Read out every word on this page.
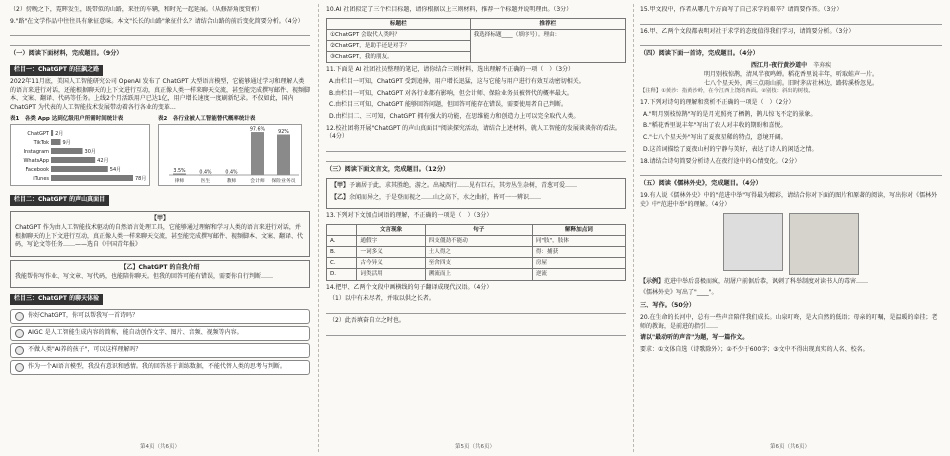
（2）傍晚之下，霓晖发生，既带似的山路，来往的车辆，和时光一起延展。（从修辞角度赏析）

9."路"在文学作品中往往具有象征意味。本文"长长的山路"象征什么？请结合山路的前后变化简要分析。（4分）

（一）阅读下面材料，完成题目。（9分）

栏目一：ChatGPT 的狂飙之路

2022年11月底，美国人工智能研究公司 OpenAI 发布了 ChatGPT 大型语言模型，它能够通过学习和理解人类的语言来进行对话，还能根据聊天的上下文进行互动，真正像人类一样来聊天交流，甚至能完成撰写邮件、视频脚本、文案、翻译、代码等任务。上线2个月活跃用户已达1亿，用户增长速度一度刷新纪录。不仅如此，国内 ChatGPT 为代表的人工智能技术发展带动着各行各业的变革…

表1　各类 App 达到亿级用户所需时间统计表
ChatGPT 2月
TikTok	9月
Instagram	30月
WhatsApp	42月
Facebook	54月
iTunes	78月
表2　各行业被人工智能替代概率统计表
3.5%
律师
0.4%
医生
0.4%
教师
97.6%
会计师
92%
保险业务员
栏目二：ChatGPT 的声山真面目
【甲】

ChatGPT 作为由人工智能技术驱动的自然语言处理工具，它能够通过理解和学习人类的语言来进行对话，并根据聊天的上下文进行互动，真正像人类一样来聊天交流，甚至能完成撰写邮件、视频脚本、文案、翻译、代码，写论文等任务……——选自《中国青年报》

【乙】ChatGPT 的自我介绍

我能帮你写作业、写文章、写代码，也能陪你聊天。但我的回答可能有错误，需要你自行判断……

栏目三：ChatGPT 的聊天体验
你好ChatGPT，你可以帮我写一首诗吗？
AIGC 是人工智能生成内容的简称，能自动创作文字、图片、音频、视频等内容。
不做人类"AI养的孩子"，可以这样理解吗？
作为一个AI语言模型，我没有意识和感情。我的回答基于训练数据，不能代替人类的思考与判断。
第4页（共6页）

10.AI 社团拟定了三个栏目标题，请你根据以上三则材料，推荐一个标题并说明理由。（3分）

标题栏	推荐栏
①ChatGPT 会取代人类吗？	我选择标题____（填序号）。理由：
②ChatGPT，是助手还是对手？	
③ChatGPT，我的朋友。	

11.下面是 AI 社团社员整理的笔记，请你结合三则材料，选出理解不正确的一项（　）（3分）

A.由栏目一可知，ChatGPT 受到追捧，用户增长迅猛，这与它能与用户进行有效互动密切相关。

B.由栏目一可知，ChatGPT 对各行业都有影响，但会计师、保险业务员被替代的概率最大。

C.由栏目三可知，ChatGPT 能够回答问题，但回答可能存在错误，需要使用者自己判断。

D.由栏目二、三可知，ChatGPT 拥有强大的功能，在思维能力和创造力上可以完全取代人类。

12.校社团将开展"ChatGPT 的声山真面目"阅读探究活动，请结合上述材料，就人工智能的发展谈谈你的看法。（4分）

（三）阅读下面文言文，完成题目。（12分）

【甲】予谪居于此，求其胜绝，游之。出城西行……见有巨石，其旁丛生杂树，青葱可爱……

【乙】余闻而异之，于是登而视之……山之高下，水之曲折，皆可一一辨识……

13.下列对下文加点词语的理解，不正确的一项是（　）（3分）

	文言现象	句子	解释加点词
A.	通假字	四支僵劲不能动	同"肢"，肢体
B.	一词多义	土人得之	得：捕获
C.	古今异义	至舍四支	房屋
D.	词类活用	溯流而上	逆流

14.把甲、乙两个文段中画横线的句子翻译成现代汉语。（4分）

（1）以中有未尽者，并取以供之长者。

（2）此吾填奋自立之时也。

第5页（共6页）

15.甲文段中，作者从哪几个方面写了自己求学的艰辛？请简要作答。（3分）

16.甲、乙两个文段都表明对社于求学的态度值得我们学习，请简要分析。（3分）

（四）阅读下面一首诗，完成题目。（4分）

西江月·夜行黄沙道中　 辛弃疾
明月别枝惊鹊，清风半夜鸣蝉。稻花香里说丰年，听取蛙声一片。
七八个星天外，两三点雨山前。旧时茅店社林边，路转溪桥忽见。

【注释】①黄沙：指黄沙岭，在今江西上饶的西面。②别枝：斜出的树枝。

17.下列对诗句的理解和赏析不正确的一项是（　）（2分）

A."明月别枝惊鹊"写的是月光照亮了栖鹊，鹊儿惊飞不定的景象。

B."稻花香里说丰年"写出了农人对丰收的期盼和喜悦。

C."七八个星天外"写出了夏夜星稀的特点，意境开阔。

D.这首词描绘了夏夜山村的宁静与美好，表达了诗人的闲适之情。

18.请结合诗句简要分析诗人在夜行途中的心情变化。（2分）

（五）阅读《儒林外史》，完成题目。（4分）

19.有人说《儒林外史》中的"范进中举"写得最为精彩，请结合你对下面的图片和原著的阅读，写出你对《儒林外史》中"范进中举"的理解。（4分）

【示例】范进中举后喜极而疯，胡屠户前倨后恭，讽刺了科举制度对读书人的毒害……

《儒林外史》写出了"____"。

三、写作。（50分）

20.在生命的长河中，总有一些声音陪伴我们成长。山泉叮咚，是大自然的低语；母亲的叮嘱，是温暖的牵挂；老师的教诲，是前进的指引……

请以"最动听的声音"为题，写一篇作文。

要求：①文体自选（诗歌除外）；②不少于600字；③文中不得出现真实的人名、校名。

第6页（共6页）
